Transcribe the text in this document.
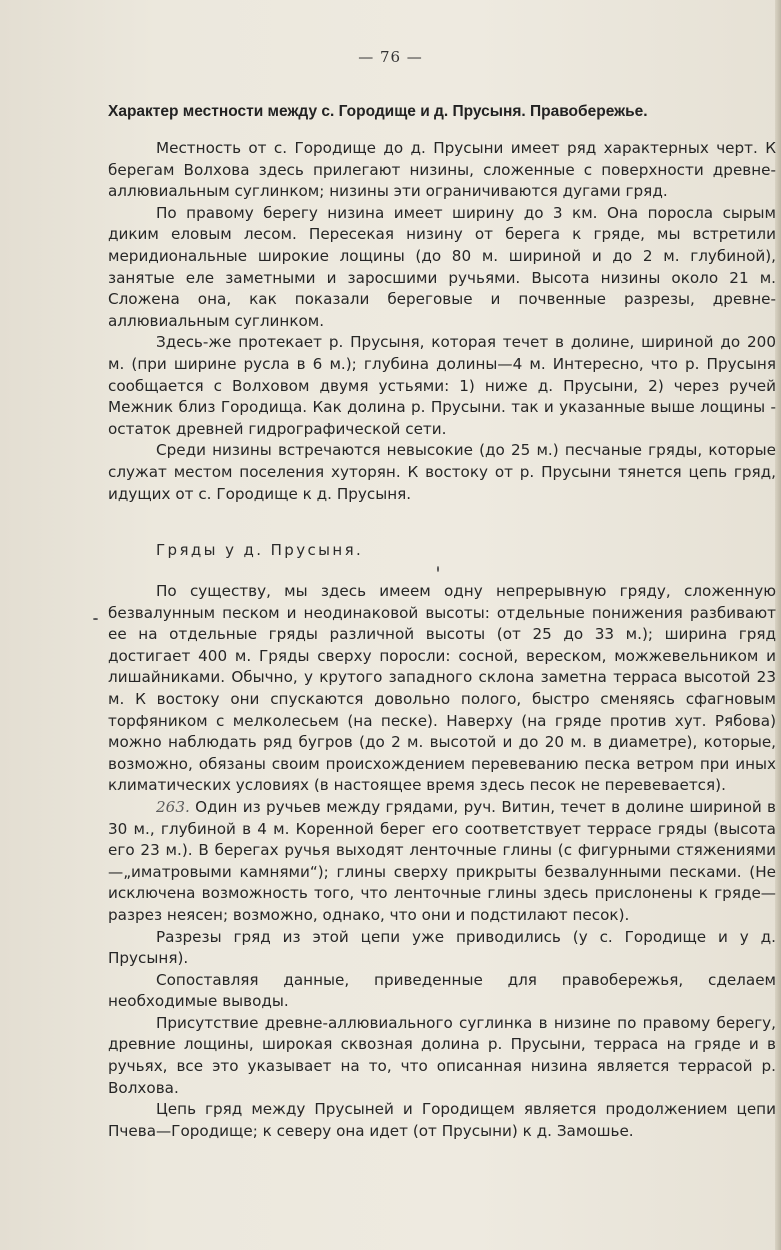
— 76 —
Характер местности между с. Городище и д. Прусыня. Правобережье.

Местность от с. Городище до д. Прусыни имеет ряд характерных черт. К берегам Волхова здесь прилегают низины, сложенные с поверхности древне-аллювиальным суглинком; низины эти ограничиваются дугами гряд.

По правому берегу низина имеет ширину до 3 км. Она поросла сырым диким еловым лесом. Пересекая низину от берега к гряде, мы встретили меридиональные широкие лощины (до 80 м. шириной и до 2 м. глубиной), занятые еле заметными и заросшими ручьями. Высота низины около 21 м. Сложена она, как показали береговые и почвенные разрезы, древне-аллювиальным суглинком.

Здесь-же протекает р. Прусыня, которая течет в долине, шириной до 200 м. (при ширине русла в 6 м.); глубина долины—4 м. Интересно, что р. Прусыня сообщается с Волховом двумя устьями: 1) ниже д. Прусыни, 2) через ручей Межник близ Городища. Как долина р. Прусыни. так и указанные выше лощины - остаток древней гидрографической сети.

Среди низины встречаются невысокие (до 25 м.) песчаные гряды, которые служат местом поселения хуторян. К востоку от р. Прусыни тянется цепь гряд, идущих от с. Городище к д. Прусыня.

Гряды у д. Прусыня.

По существу, мы здесь имеем одну непрерывную гряду, сложенную безвалунным песком и неодинаковой высоты: отдельные понижения разбивают ее на отдельные гряды различной высоты (от 25 до 33 м.); ширина гряд достигает 400 м. Гряды сверху поросли: сосной, вереском, можжевельником и лишайниками. Обычно, у крутого западного склона заметна терраса высотой 23 м. К востоку они спускаются довольно полого, быстро сменяясь сфагновым торфяником с мелколесьем (на песке). Наверху (на гряде против хут. Рябова) можно наблюдать ряд бугров (до 2 м. высотой и до 20 м. в диаметре), которые, возможно, обязаны своим происхождением перевеванию песка ветром при иных климатических условиях (в настоящее время здесь песок не перевевается).

263. Один из ручьев между грядами, руч. Витин, течет в долине шириной в 30 м., глубиной в 4 м. Коренной берег его соответствует террасе гряды (высота его 23 м.). В берегах ручья выходят ленточные глины (с фигурными стяжениями—„иматровыми камнями“); глины сверху прикрыты безвалунными песками. (Не исключена возможность того, что ленточные глины здесь прислонены к гряде—разрез неясен; возможно, однако, что они и подстилают песок).

Разрезы гряд из этой цепи уже приводились (у с. Городище и у д. Прусыня).

Сопоставляя данные, приведенные для правобережья, сделаем необходимые выводы.

Присутствие древне-аллювиального суглинка в низине по правому берегу, древние лощины, широкая сквозная долина р. Прусыни, терраса на гряде и в ручьях, все это указывает на то, что описанная низина является террасой р. Волхова.

Цепь гряд между Прусыней и Городищем является продолжением цепи Пчева—Городище; к северу она идет (от Прусыни) к д. Замошье.
